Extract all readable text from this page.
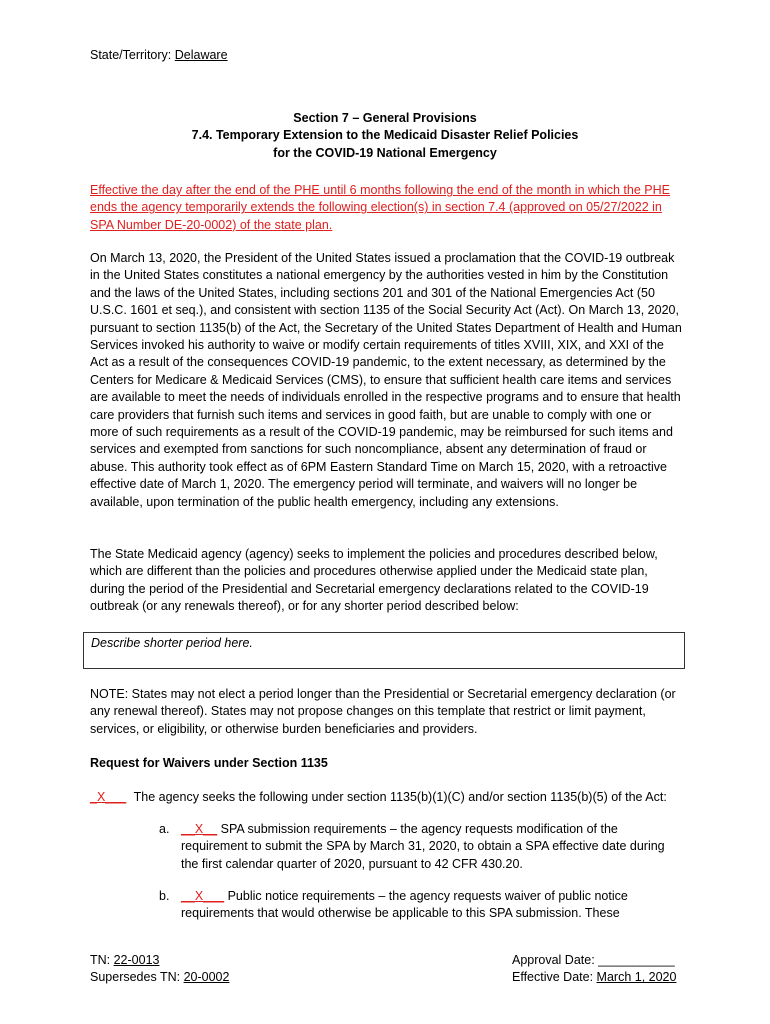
State/Territory: Delaware
Section 7 – General Provisions
7.4. Temporary Extension to the Medicaid Disaster Relief Policies
for the COVID-19 National Emergency
Effective the day after the end of the PHE until 6 months following the end of the month in which the PHE ends the agency temporarily extends the following election(s) in section 7.4 (approved on 05/27/2022 in SPA Number DE-20-0002) of the state plan.
On March 13, 2020, the President of the United States issued a proclamation that the COVID-19 outbreak in the United States constitutes a national emergency by the authorities vested in him by the Constitution and the laws of the United States, including sections 201 and 301 of the National Emergencies Act (50 U.S.C. 1601 et seq.), and consistent with section 1135 of the Social Security Act (Act). On March 13, 2020, pursuant to section 1135(b) of the Act, the Secretary of the United States Department of Health and Human Services invoked his authority to waive or modify certain requirements of titles XVIII, XIX, and XXI of the Act as a result of the consequences COVID-19 pandemic, to the extent necessary, as determined by the Centers for Medicare & Medicaid Services (CMS), to ensure that sufficient health care items and services are available to meet the needs of individuals enrolled in the respective programs and to ensure that health care providers that furnish such items and services in good faith, but are unable to comply with one or more of such requirements as a result of the COVID-19 pandemic, may be reimbursed for such items and services and exempted from sanctions for such noncompliance, absent any determination of fraud or abuse. This authority took effect as of 6PM Eastern Standard Time on March 15, 2020, with a retroactive effective date of March 1, 2020. The emergency period will terminate, and waivers will no longer be available, upon termination of the public health emergency, including any extensions.
The State Medicaid agency (agency) seeks to implement the policies and procedures described below, which are different than the policies and procedures otherwise applied under the Medicaid state plan, during the period of the Presidential and Secretarial emergency declarations related to the COVID-19 outbreak (or any renewals thereof), or for any shorter period described below:
Describe shorter period here.
NOTE: States may not elect a period longer than the Presidential or Secretarial emergency declaration (or any renewal thereof). States may not propose changes on this template that restrict or limit payment, services, or eligibility, or otherwise burden beneficiaries and providers.
Request for Waivers under Section 1135
_X___ The agency seeks the following under section 1135(b)(1)(C) and/or section 1135(b)(5) of the Act:
a. __X__ SPA submission requirements – the agency requests modification of the requirement to submit the SPA by March 31, 2020, to obtain a SPA effective date during the first calendar quarter of 2020, pursuant to 42 CFR 430.20.
b. __X___ Public notice requirements – the agency requests waiver of public notice requirements that would otherwise be applicable to this SPA submission. These
TN: 22-0013
Supersedes TN: 20-0002
Approval Date: ___________
Effective Date: March 1, 2020
